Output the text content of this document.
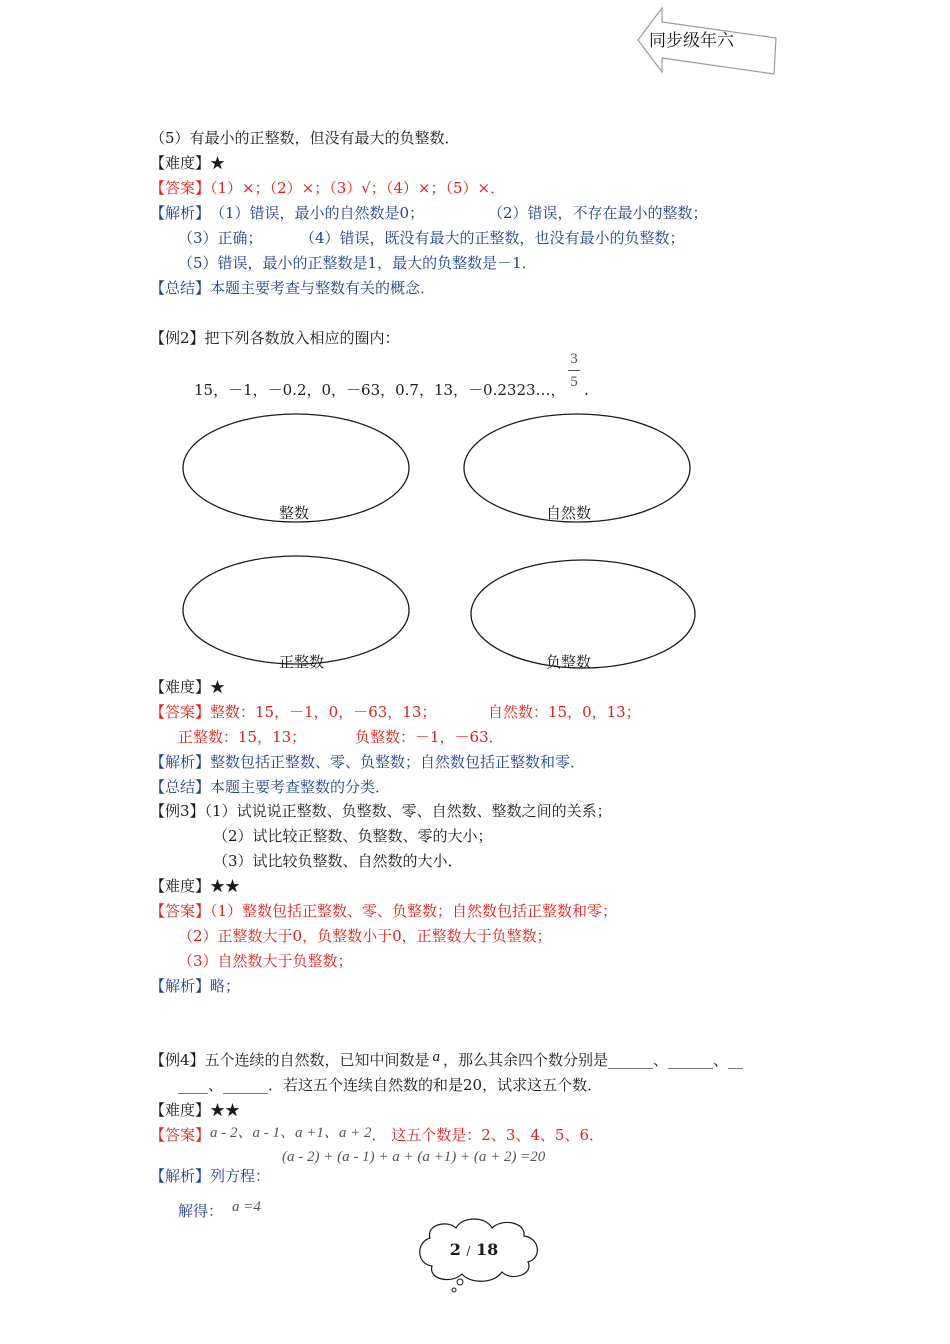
同步级年六
（5）有最小的正整数，但没有最大的负整数．
【难度】★
【答案】（1）×；（2）×；（3）√；（4）×；（5）×．
【解析】 （1）错误，最小的自然数是0；	（2）错误，不存在最小的整数；
（3）正确； （4）错误，既没有最大的正整数，也没有最小的负整数；
（5）错误，最小的正整数是1，最大的负整数是－1．
【总结】本题主要考查与整数有关的概念．
【例2】把下列各数放入相应的圈内：
15，－1，－0.2，0，－63，0.7，13，－0.2323…，
3
5 .
整数	自然数
正整数	负整数
【难度】★
【答案】整数：15，－1，0，－63，13；	自然数：15，0，13；
正整数：15，13；	负整数：－1，－63．
【解析】整数包括正整数、零、负整数；自然数包括正整数和零．
【总结】本题主要考查整数的分类．
【例3】（1）试说说正整数、负整数、零、自然数、整数之间的关系；
（2）试比较正整数、负整数、零的大小；
（3）试比较负整数、自然数的大小．
【难度】★★
【答案】（1）整数包括正整数、零、负整数；自然数包括正整数和零；
（2）正整数大于0，负整数小于0，正整数大于负整数；
（3）自然数大于负整数；
【解析】略；
【例4】五个连续的自然数，已知中间数是 a ，那么其余四个数分别是______、______、__
____、______．若这五个连续自然数的和是20，试求这五个数．
【难度】★★
【答案】a - 2、a - 1、a +1、a + 2． 这五个数是：2、3、4、5、6．
(a - 2) + (a - 1) + a + (a +1) + (a + 2) =20
【解析】列方程：
解得： a =4
2 / 18
